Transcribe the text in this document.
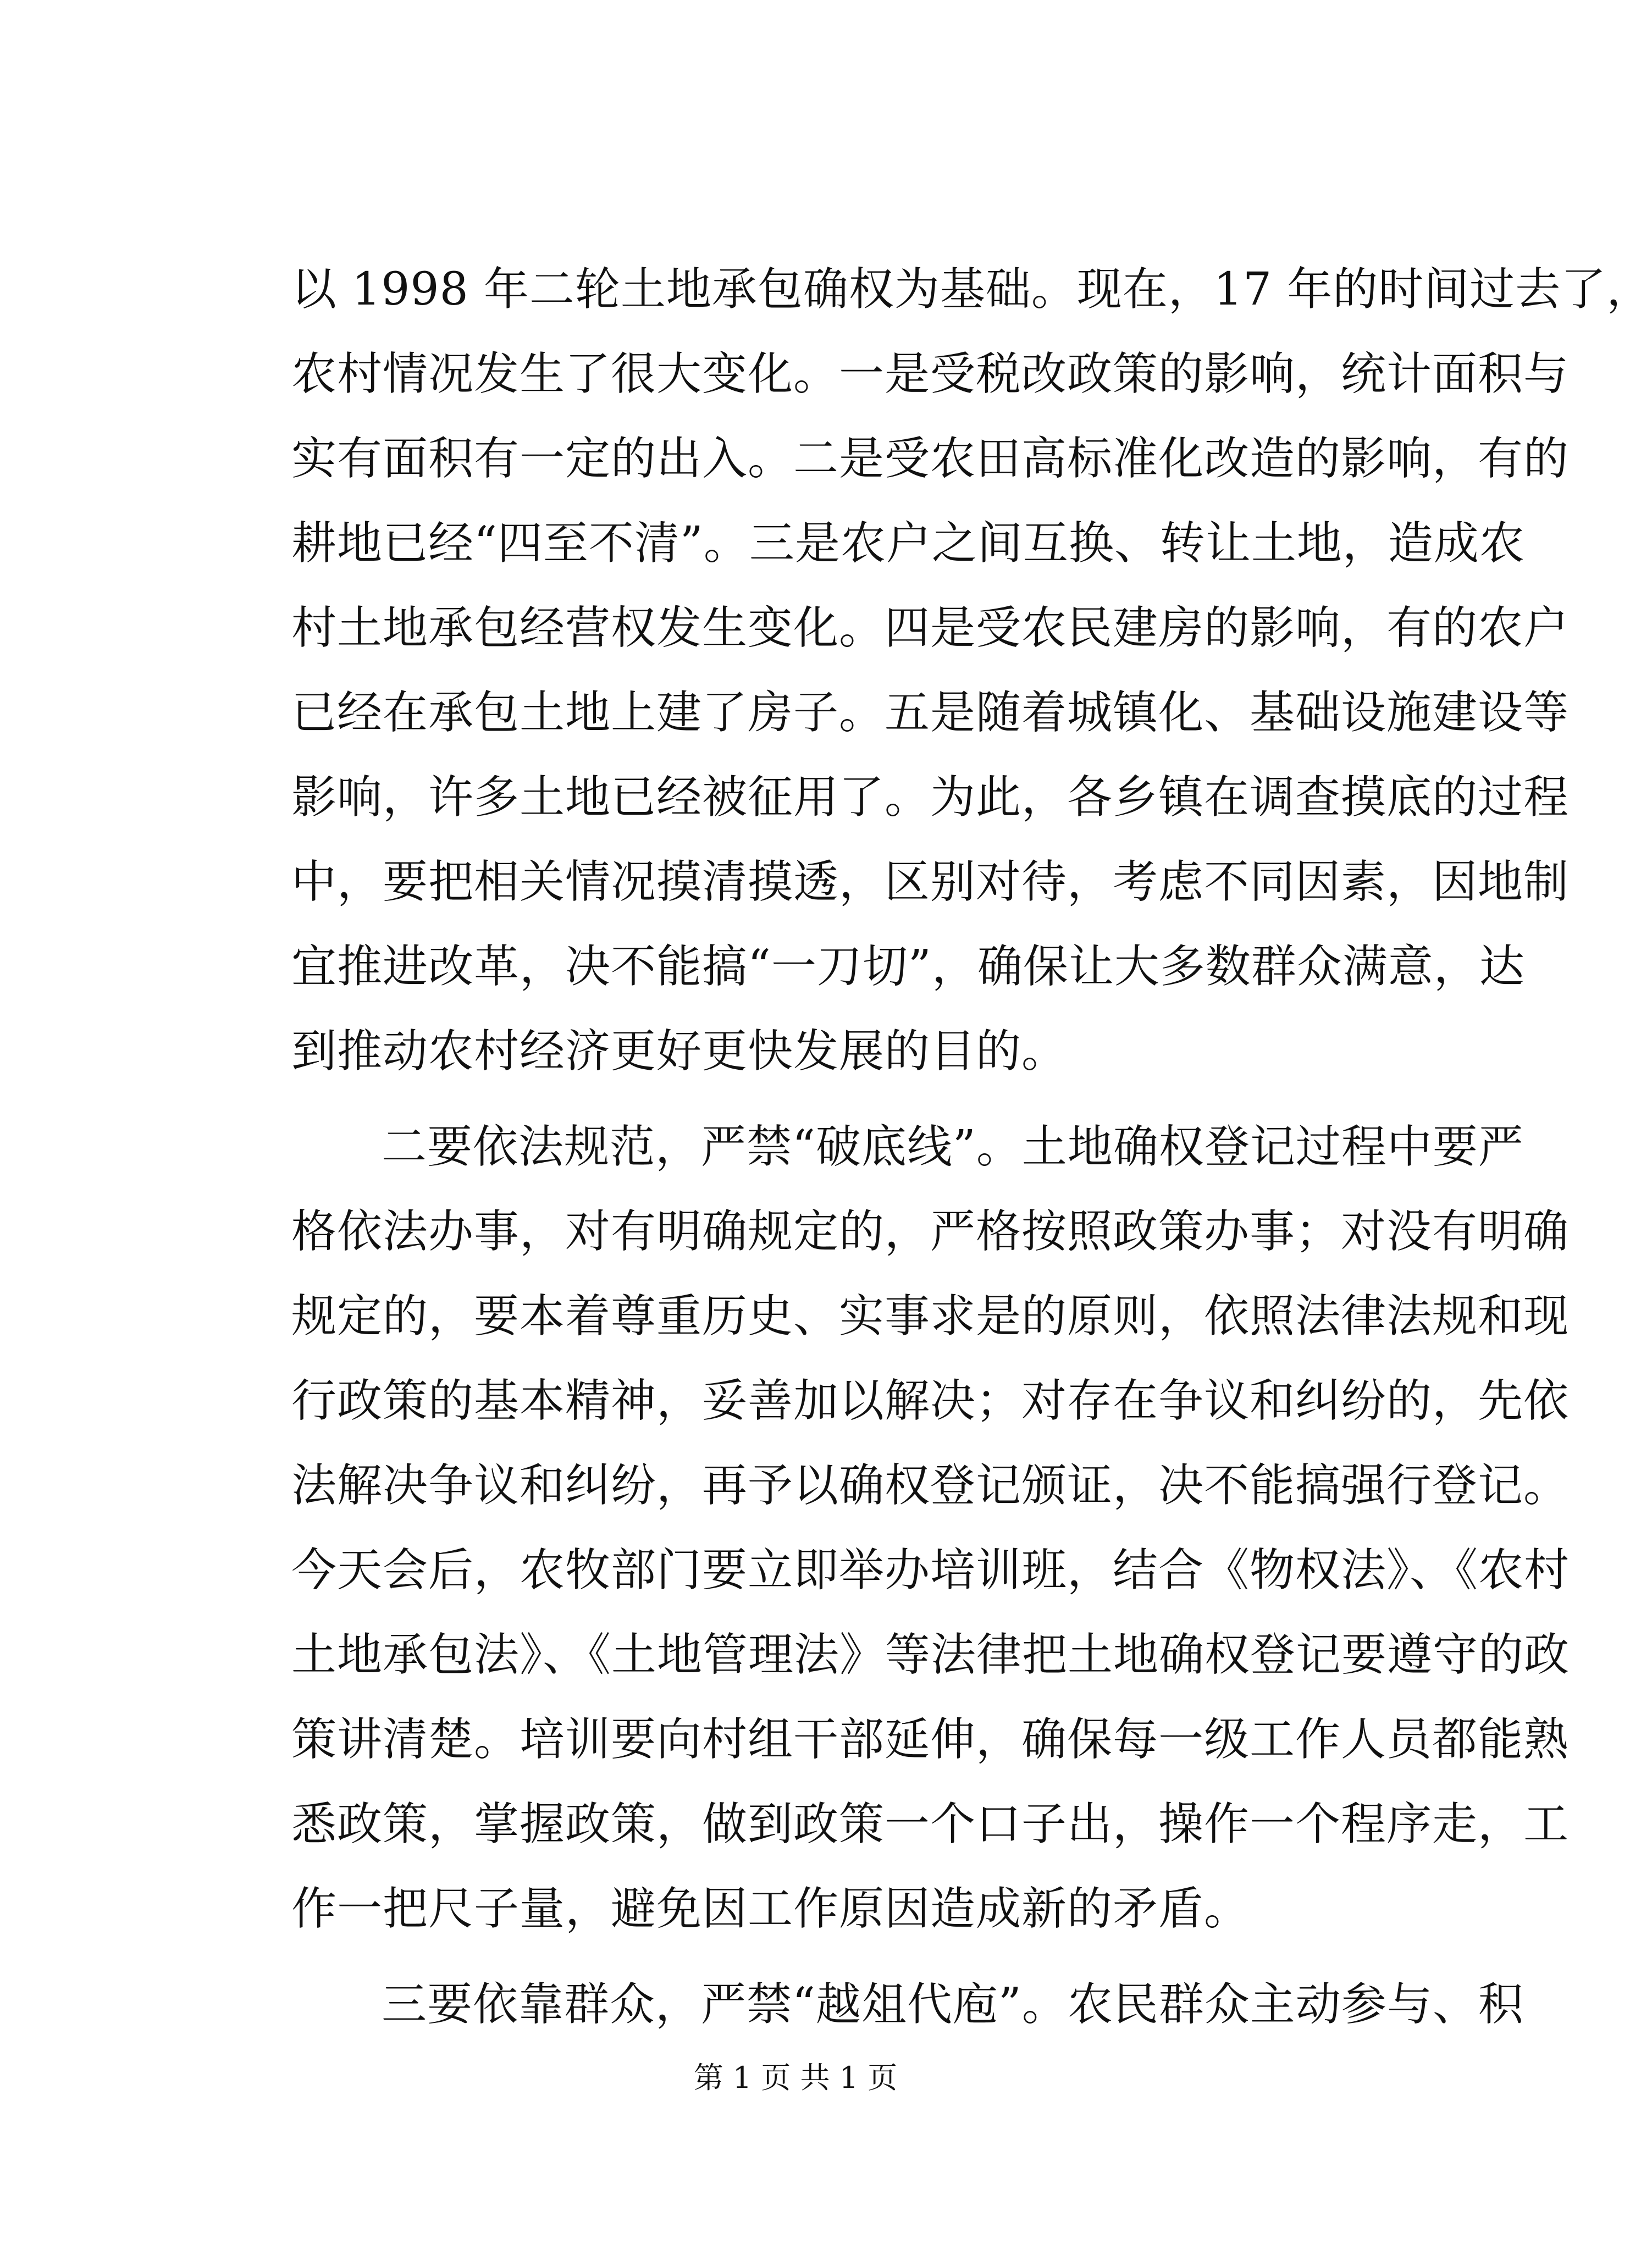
以 1998 年二轮土地承包确权为基础。现在，17 年的时间过去了，
农村情况发生了很大变化。一是受税改政策的影响，统计面积与
实有面积有一定的出入。二是受农田高标准化改造的影响，有的
耕地已经“四至不清”。三是农户之间互换、转让土地，造成农
村土地承包经营权发生变化。四是受农民建房的影响，有的农户
已经在承包土地上建了房子。五是随着城镇化、基础设施建设等
影响，许多土地已经被征用了。为此，各乡镇在调查摸底的过程
中，要把相关情况摸清摸透，区别对待，考虑不同因素，因地制
宜推进改革，决不能搞“一刀切”，确保让大多数群众满意，达
到推动农村经济更好更快发展的目的。
二要依法规范，严禁“破底线”。土地确权登记过程中要严
格依法办事，对有明确规定的，严格按照政策办事；对没有明确
规定的，要本着尊重历史、实事求是的原则，依照法律法规和现
行政策的基本精神，妥善加以解决；对存在争议和纠纷的，先依
法解决争议和纠纷，再予以确权登记颁证，决不能搞强行登记。
今天会后，农牧部门要立即举办培训班，结合《物权法》、《农村
土地承包法》、《土地管理法》等法律把土地确权登记要遵守的政
策讲清楚。培训要向村组干部延伸，确保每一级工作人员都能熟
悉政策，掌握政策，做到政策一个口子出，操作一个程序走，工
作一把尺子量，避免因工作原因造成新的矛盾。
三要依靠群众，严禁“越俎代庖”。农民群众主动参与、积
第 1 页 共 1 页
